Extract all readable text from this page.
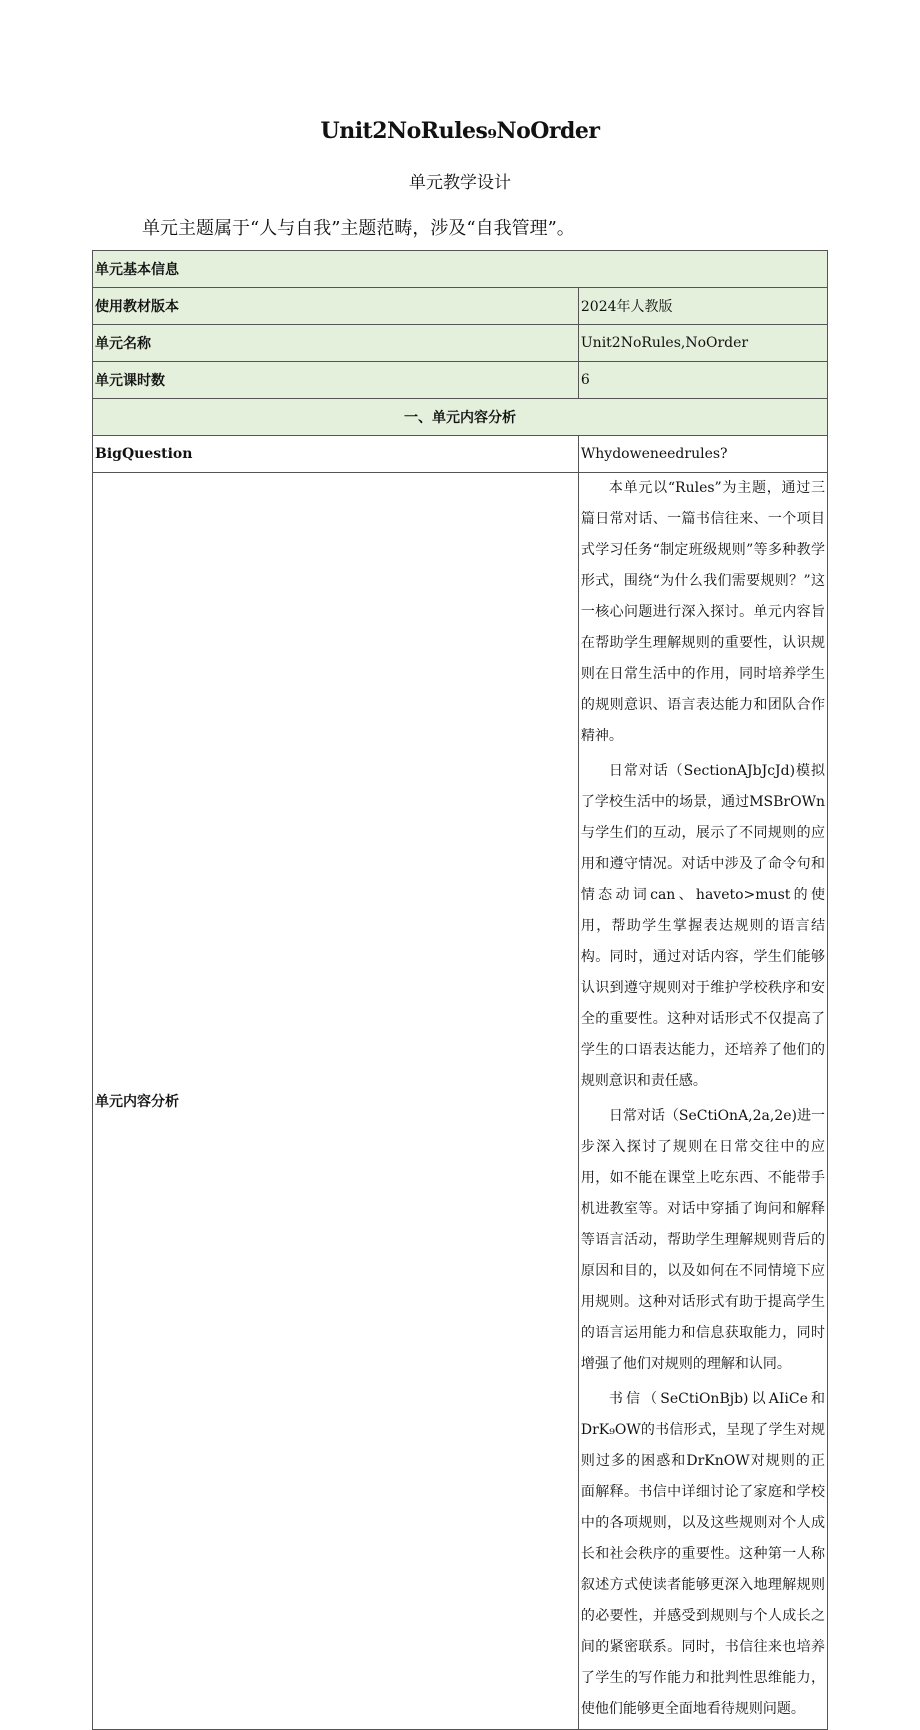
Unit2NoRules₉NoOrder
单元教学设计
单元主题属于“人与自我”主题范畴，涉及“自我管理”。
单元基本信息	
使用教材版本	2024年人教版
单元名称	Unit2NoRules,NoOrder
单元课时数	6
一、单元内容分析	
BigQuestion	Whydoweneedrules?
单元内容分析	本单元以“Rules”为主题，通过三篇日常对话、一篇书信往来、一个项目式学习任务“制定班级规则”等多种教学形式，围绕“为什么我们需要规则？”这一核心问题进行深入探讨。单元内容旨在帮助学生理解规则的重要性，认识规则在日常生活中的作用，同时培养学生的规则意识、语言表达能力和团队合作精神。

日常对话（SectionAJbJcJd)模拟了学校生活中的场景，通过MSBrOWn与学生们的互动，展示了不同规则的应用和遵守情况。对话中涉及了命令句和情态动词can、haveto>must的使用，帮助学生掌握表达规则的语言结构。同时，通过对话内容，学生们能够认识到遵守规则对于维护学校秩序和安全的重要性。这种对话形式不仅提高了学生的口语表达能力，还培养了他们的规则意识和责任感。

日常对话（SeCtiOnA,2a,2e)进一步深入探讨了规则在日常交往中的应用，如不能在课堂上吃东西、不能带手机进教室等。对话中穿插了询问和解释等语言活动，帮助学生理解规则背后的原因和目的，以及如何在不同情境下应用规则。这种对话形式有助于提高学生的语言运用能力和信息获取能力，同时增强了他们对规则的理解和认同。

书信（SeCtiOnBjb)以AIiCe和DrK₉OW的书信形式，呈现了学生对规则过多的困惑和DrKnOW对规则的正面解释。书信中详细讨论了家庭和学校中的各项规则，以及这些规则对个人成长和社会秩序的重要性。这种第一人称叙述方式使读者能够更深入地理解规则的必要性，并感受到规则与个人成长之间的紧密联系。同时，书信往来也培养了学生的写作能力和批判性思维能力，使他们能够更全面地看待规则问题。
